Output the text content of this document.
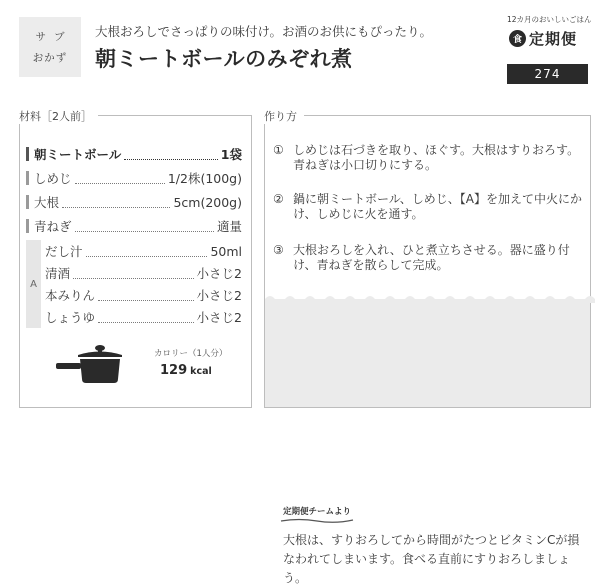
サブ
おかず
大根おろしでさっぱりの味付け。お酒のお供にもぴったり。
朝ミートボールのみぞれ煮
12カ月のおいしいごはん
食 定期便
274
材料［2人前］
朝ミートボール	1袋
しめじ	1/2株(100g)
大根	5cm(200g)
青ねぎ	適量
A
だし汁	50ml
清酒	小さじ2
本みりん	小さじ2
しょうゆ	小さじ2
カロリー（1人分）
129 kcal
定期便チームより
大根は、すりおろしてから時間がたつとビタミンCが損なわれてしまいます。食べる直前にすりおろしましょう。
作り方
① しめじは石づきを取り、ほぐす。大根はすりおろす。青ねぎは小口切りにする。
② 鍋に朝ミートボール、しめじ、【A】を加えて中火にかけ、しめじに火を通す。
③ 大根おろしを入れ、ひと煮立ちさせる。器に盛り付け、青ねぎを散らして完成。
